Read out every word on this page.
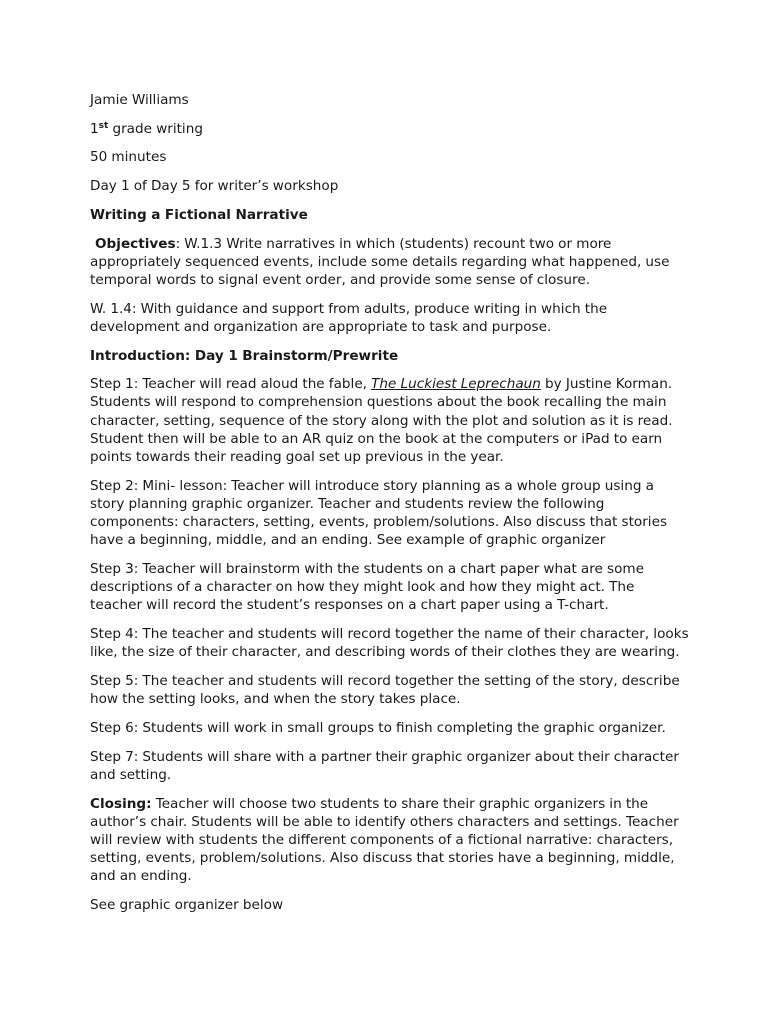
Jamie Williams

1st grade writing

50 minutes

Day 1 of Day 5 for writer’s workshop

Writing a Fictional Narrative

Objectives: W.1.3 Write narratives in which (students) recount two or more appropriately sequenced events, include some details regarding what happened, use temporal words to signal event order, and provide some sense of closure.

W. 1.4: With guidance and support from adults, produce writing in which the development and organization are appropriate to task and purpose.

Introduction: Day 1 Brainstorm/Prewrite

Step 1: Teacher will read aloud the fable, The Luckiest Leprechaun by Justine Korman. Students will respond to comprehension questions about the book recalling the main character, setting, sequence of the story along with the plot and solution as it is read. Student then will be able to an AR quiz on the book at the computers or iPad to earn points towards their reading goal set up previous in the year.

Step 2: Mini- lesson: Teacher will introduce story planning as a whole group using a story planning graphic organizer. Teacher and students review the following components: characters, setting, events, problem/solutions. Also discuss that stories have a beginning, middle, and an ending. See example of graphic organizer

Step 3: Teacher will brainstorm with the students on a chart paper what are some descriptions of a character on how they might look and how they might act. The teacher will record the student’s responses on a chart paper using a T-chart.

Step 4: The teacher and students will record together the name of their character, looks like, the size of their character, and describing words of their clothes they are wearing.

Step 5: The teacher and students will record together the setting of the story, describe how the setting looks, and when the story takes place.

Step 6: Students will work in small groups to finish completing the graphic organizer.

Step 7: Students will share with a partner their graphic organizer about their character and setting.

Closing: Teacher will choose two students to share their graphic organizers in the author’s chair. Students will be able to identify others characters and settings. Teacher will review with students the different components of a fictional narrative: characters, setting, events, problem/solutions. Also discuss that stories have a beginning, middle, and an ending.

See graphic organizer below
